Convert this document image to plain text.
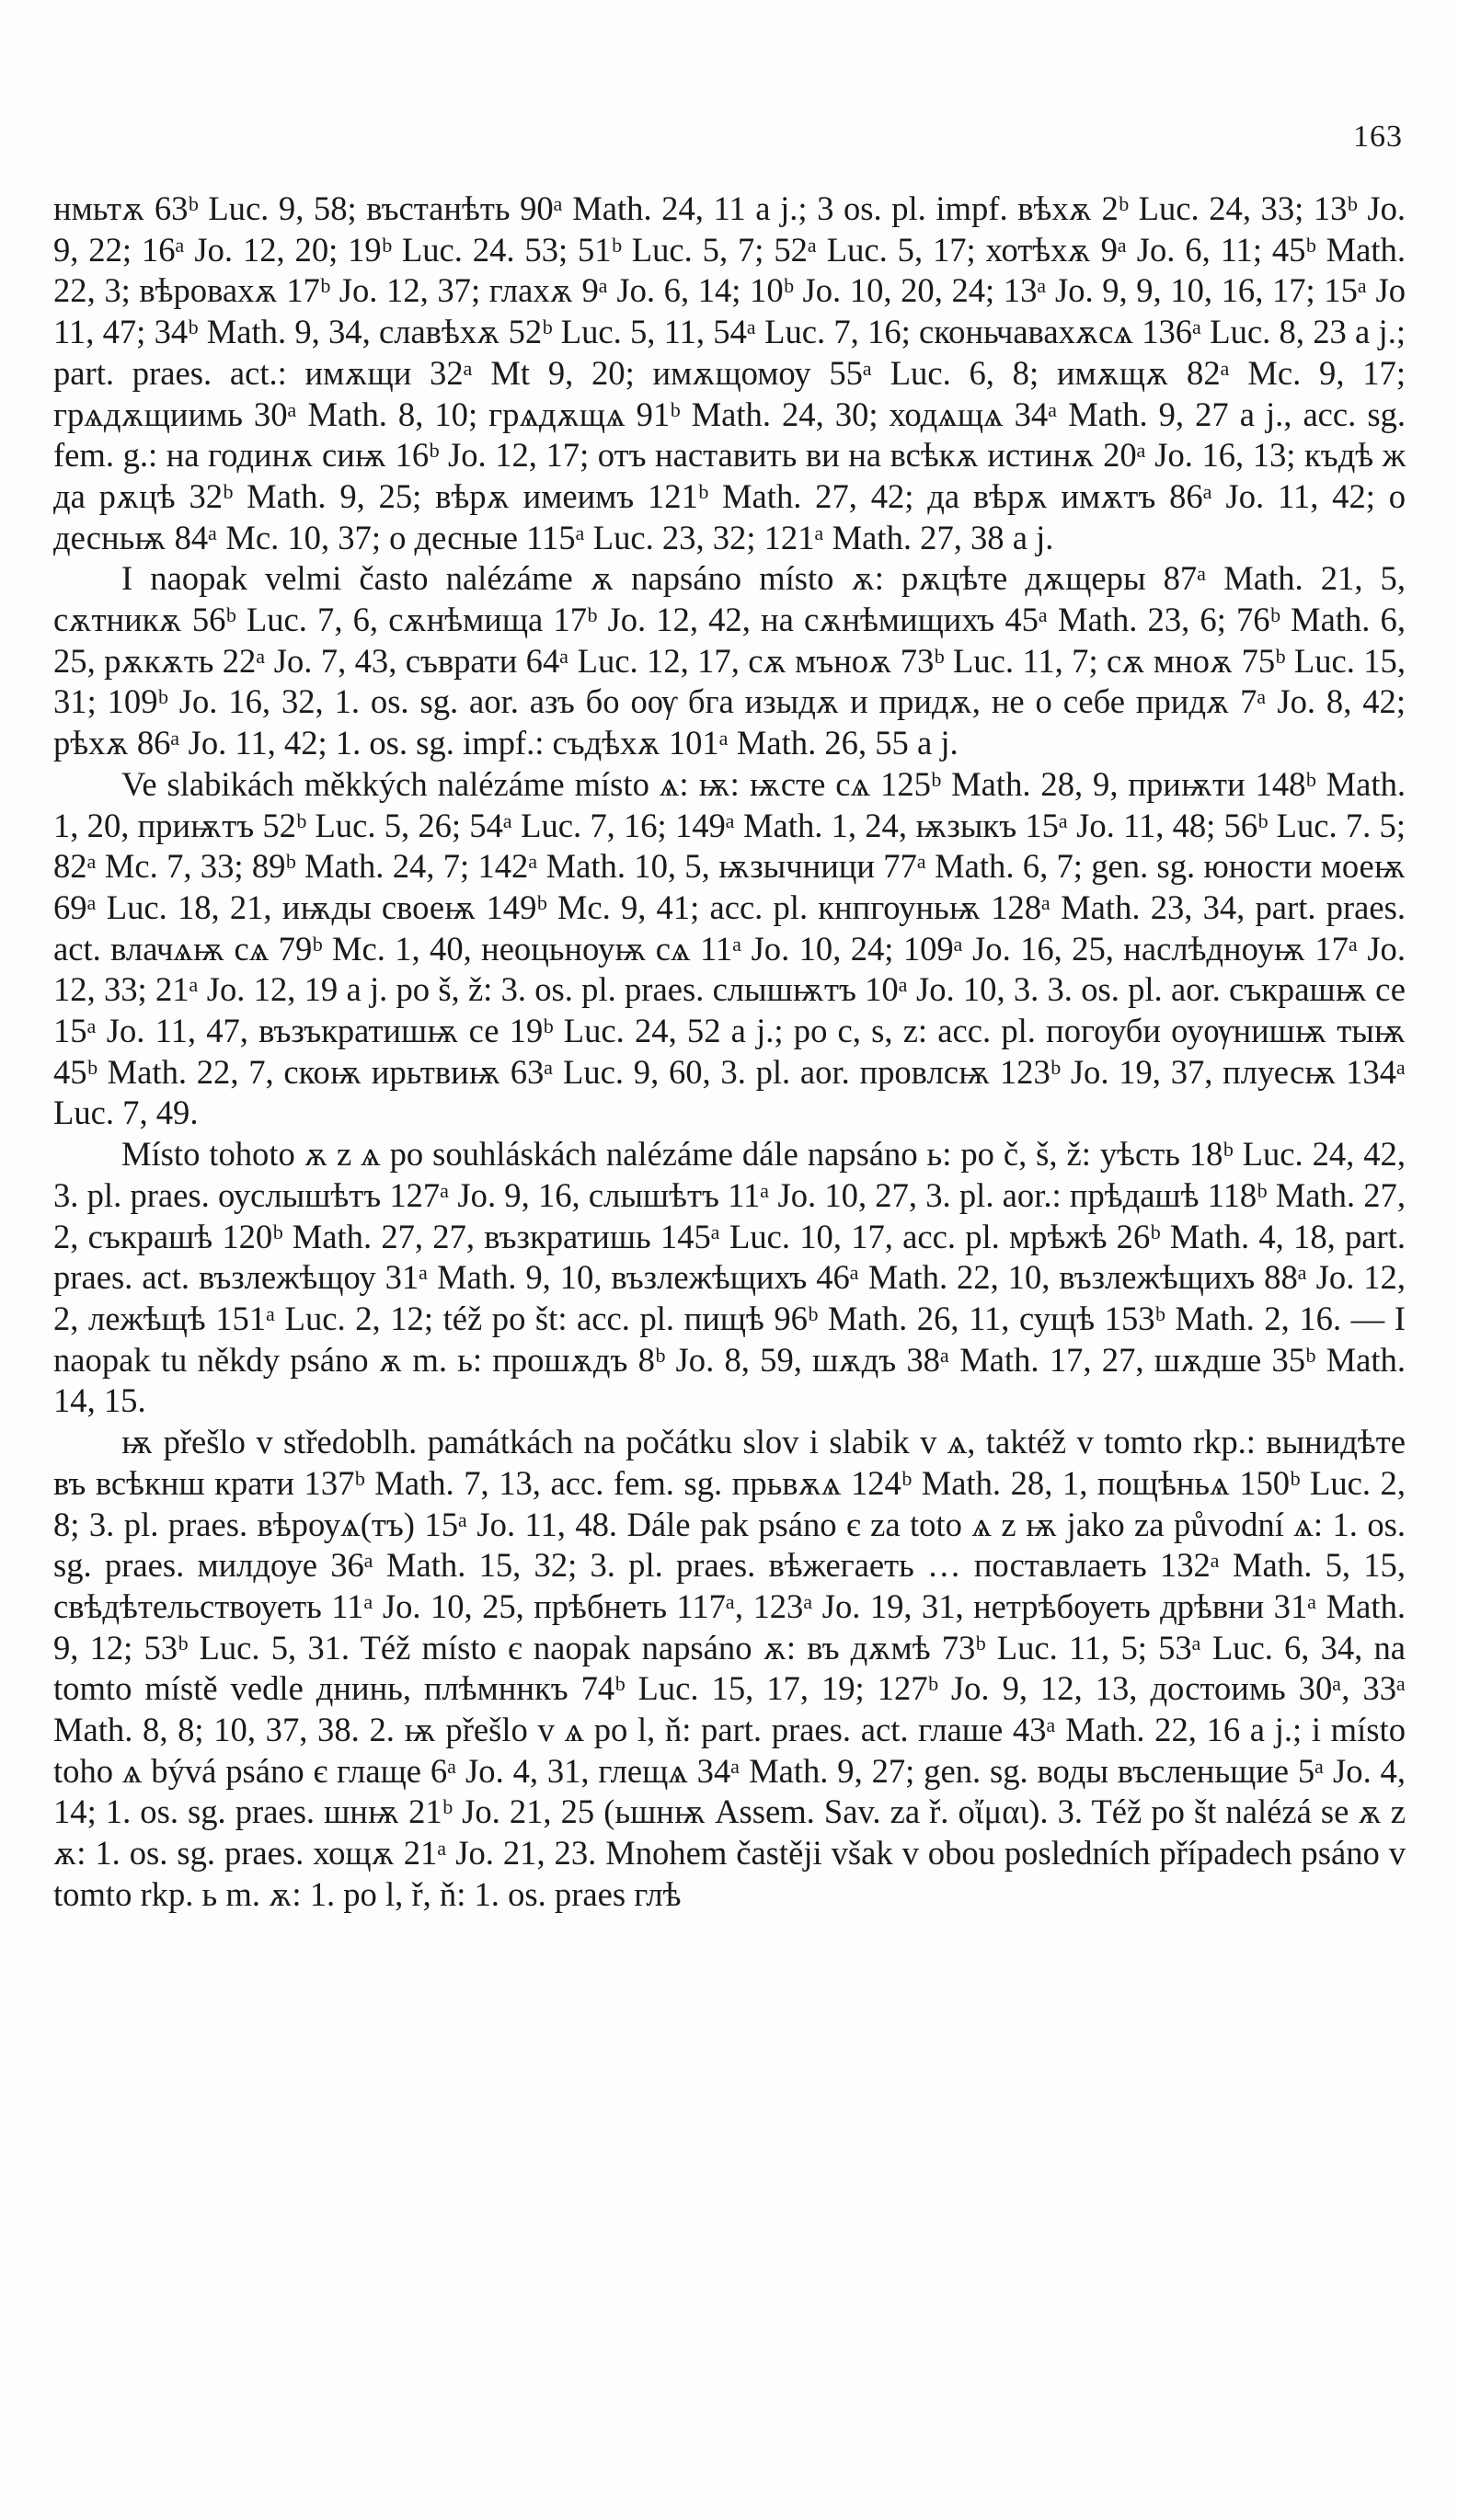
163

нмьтѫ 63ᵇ Luc. 9, 58; въстанѣть 90ᵃ Math. 24, 11 a j.; 3 os. pl. impf. вѣхѫ 2ᵇ Luc. 24, 33; 13ᵇ Jo. 9, 22; 16ᵃ Jo. 12, 20; 19ᵇ Luc. 24. 53; 51ᵇ Luc. 5, 7; 52ᵃ Luc. 5, 17; хотѣхѫ 9ᵃ Jo. 6, 11; 45ᵇ Math. 22, 3; вѣровахѫ 17ᵇ Jo. 12, 37; глахѫ 9ᵃ Jo. 6, 14; 10ᵇ Jo. 10, 20, 24; 13ᵃ Jo. 9, 9, 10, 16, 17; 15ᵃ Jo 11, 47; 34ᵇ Math. 9, 34, славѣхѫ 52ᵇ Luc. 5, 11, 54ᵃ Luc. 7, 16; сконьчавахѫсѧ 136ᵃ Luc. 8, 23 a j.; part. praes. act.: имѫщи 32ᵃ Mt 9, 20; имѫщомоу 55ᵃ Luc. 6, 8; имѫщѫ 82ᵃ Mc. 9, 17; грѧдѫщиимь 30ᵃ Math. 8, 10; грѧдѫщѧ 91ᵇ Math. 24, 30; ходѧщѧ 34ᵃ Math. 9, 27 a j., acc. sg. fem. g.: на годинѫ сиѭ 16ᵇ Jo. 12, 17; отъ наставить ви на всѣкѫ истинѫ 20ᵃ Jo. 16, 13; къдѣ ж да рѫцѣ 32ᵇ Math. 9, 25; вѣрѫ имеимъ 121ᵇ Math. 27, 42; да вѣрѫ имѫтъ 86ᵃ Jo. 11, 42; о десньѭ 84ᵃ Mc. 10, 37; о десные 115ᵃ Luc. 23, 32; 121ᵃ Math. 27, 38 a j.

I naopak velmi často nalézáme ѫ napsáno místo ѫ: рѫцѣте дѫщеры 87ᵃ Math. 21, 5, сѫтникѫ 56ᵇ Luc. 7, 6, сѫнѣмища 17ᵇ Jo. 12, 42, на сѫнѣмищихъ 45ᵃ Math. 23, 6; 76ᵇ Math. 6, 25, рѫкѫть 22ᵃ Jo. 7, 43, съврати 64ᵃ Luc. 12, 17, сѫ мъноѫ 73ᵇ Luc. 11, 7; сѫ мноѫ 75ᵇ Luc. 15, 31; 109ᵇ Jo. 16, 32, 1. os. sg. aor. азъ бо оѹ бга изыдѫ и придѫ, не о себе придѫ 7ᵃ Jo. 8, 42; рѣхѫ 86ᵃ Jo. 11, 42; 1. os. sg. impf.: съдѣхѫ 101ᵃ Math. 26, 55 a j.

Ve slabikách měkkých nalézáme místo ѧ: ѭ: ѭсте сѧ 125ᵇ Math. 28, 9, приѭти 148ᵇ Math. 1, 20, приѭтъ 52ᵇ Luc. 5, 26; 54ᵃ Luc. 7, 16; 149ᵃ Math. 1, 24, ѭзыкъ 15ᵃ Jo. 11, 48; 56ᵇ Luc. 7. 5; 82ᵃ Mc. 7, 33; 89ᵇ Math. 24, 7; 142ᵃ Math. 10, 5, ѭзычници 77ᵃ Math. 6, 7; gen. sg. юности моеѭ 69ᵃ Luc. 18, 21, иѭды своеѭ 149ᵇ Mc. 9, 41; acc. pl. кнпгоуньѭ 128ᵃ Math. 23, 34, part. praes. act. влачѧѭ сѧ 79ᵇ Mc. 1, 40, неоцьноуѭ сѧ 11ᵃ Jo. 10, 24; 109ᵃ Jo. 16, 25, наслѣдноуѭ 17ᵃ Jo. 12, 33; 21ᵃ Jo. 12, 19 a j. po š, ž: 3. os. pl. praes. слышѭтъ 10ᵃ Jo. 10, 3. 3. os. pl. aor. съкрашѭ се 15ᵃ Jo. 11, 47, възъкратишѭ се 19ᵇ Luc. 24, 52 a j.; po c, s, z: acc. pl. погоуби оуѹнишѭ тыѭ 45ᵇ Math. 22, 7, скоѭ ирьтвиѭ 63ᵃ Luc. 9, 60, 3. pl. aor. провлсѭ 123ᵇ Jo. 19, 37, плуесѭ 134ᵃ Luc. 7, 49.

Místo tohoto ѫ z ѧ po souhláskách nalézáme dále napsáno ь: po č, š, ž: уѣсть 18ᵇ Luc. 24, 42, 3. pl. praes. оуслышѣтъ 127ᵃ Jo. 9, 16, слышѣтъ 11ᵃ Jo. 10, 27, 3. pl. aor.: прѣдашѣ 118ᵇ Math. 27, 2, съкрашѣ 120ᵇ Math. 27, 27, възкратишь 145ᵃ Luc. 10, 17, acc. pl. мрѣжѣ 26ᵇ Math. 4, 18, part. praes. act. възлежѣщоу 31ᵃ Math. 9, 10, възлежѣщихъ 46ᵃ Math. 22, 10, възлежѣщихъ 88ᵃ Jo. 12, 2, лежѣщѣ 151ᵃ Luc. 2, 12; též po št: acc. pl. пищѣ 96ᵇ Math. 26, 11, сущѣ 153ᵇ Math. 2, 16. — I naopak tu někdy psáno ѫ m. ь: прошѫдъ 8ᵇ Jo. 8, 59, шѫдъ 38ᵃ Math. 17, 27, шѫдше 35ᵇ Math. 14, 15.

ѭ přešlo v středoblh. památkách na počátku slov i slabik v ѧ, taktéž v tomto rkp.: вынидѣте въ всѣкнш крати 137ᵇ Math. 7, 13, acc. fem. sg. прьвѫѧ 124ᵇ Math. 28, 1, пощѣньѧ 150ᵇ Luc. 2, 8; 3. pl. praes. вѣроуѧ(тъ) 15ᵃ Jo. 11, 48. Dále pak psáno є za toto ѧ z ѭ jako za původní ѧ: 1. os. sg. praes. милдоуе 36ᵃ Math. 15, 32; 3. pl. praes. вѣжегаеть … поставлаеть 132ᵃ Math. 5, 15, свѣдѣтельствоуеть 11ᵃ Jo. 10, 25, прѣбнеть 117ᵃ, 123ᵃ Jo. 19, 31, нетрѣбоуеть дрѣвни 31ᵃ Math. 9, 12; 53ᵇ Luc. 5, 31. Též místo є naopak napsáno ѫ: въ дѫмѣ 73ᵇ Luc. 11, 5; 53ᵃ Luc. 6, 34, na tomto místě vedle днинь, плѣмннкъ 74ᵇ Luc. 15, 17, 19; 127ᵇ Jo. 9, 12, 13, достоимь 30ᵃ, 33ᵃ Math. 8, 8; 10, 37, 38. 2. ѭ přešlo v ѧ po l, ň: part. praes. act. глаше 43ᵃ Math. 22, 16 a j.; i místo toho ѧ bývá psáno є глаще 6ᵃ Jo. 4, 31, глещѧ 34ᵃ Math. 9, 27; gen. sg. воды въсленьщие 5ᵃ Jo. 4, 14; 1. os. sg. praes. шнѭ 21ᵇ Jo. 21, 25 (ьшнѭ Assem. Sav. za ř. οἴμαι). 3. Též po št nalézá se ѫ z ѫ: 1. os. sg. praes. хощѫ 21ᵃ Jo. 21, 23. Mnohem častěji však v obou posledních případech psáno v tomto rkp. ь m. ѫ: 1. po l, ř, ň: 1. os. praes глѣ
